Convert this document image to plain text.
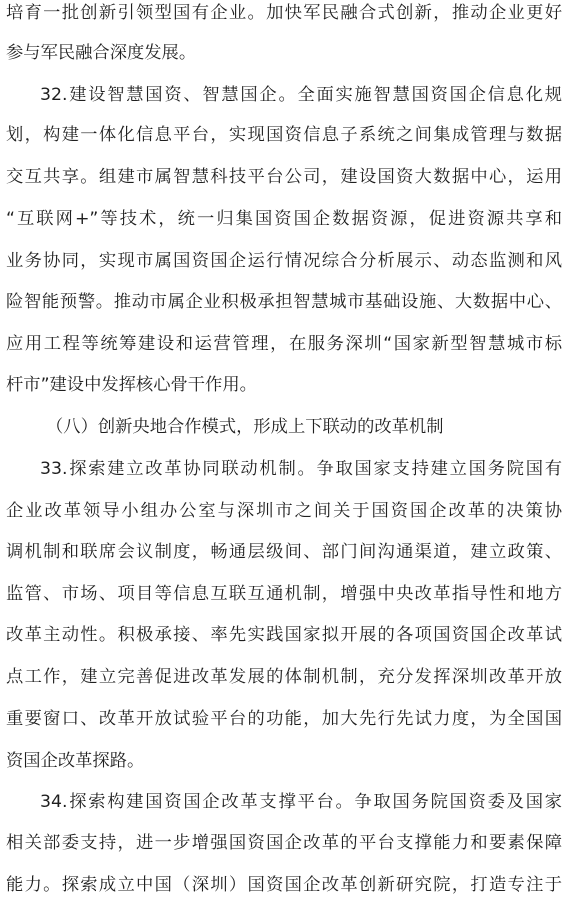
培育一批创新引领型国有企业。加快军民融合式创新，推动企业更好
参与军民融合深度发展。
32.建设智慧国资、智慧国企。全面实施智慧国资国企信息化规
划，构建一体化信息平台，实现国资信息子系统之间集成管理与数据
交互共享。组建市属智慧科技平台公司，建设国资大数据中心，运用
“互联网+”等技术，统一归集国资国企数据资源，促进资源共享和
业务协同，实现市属国资国企运行情况综合分析展示、动态监测和风
险智能预警。推动市属企业积极承担智慧城市基础设施、大数据中心、
应用工程等统筹建设和运营管理，在服务深圳“国家新型智慧城市标
杆市”建设中发挥核心骨干作用。
（八）创新央地合作模式，形成上下联动的改革机制
33.探索建立改革协同联动机制。争取国家支持建立国务院国有
企业改革领导小组办公室与深圳市之间关于国资国企改革的决策协
调机制和联席会议制度，畅通层级间、部门间沟通渠道，建立政策、
监管、市场、项目等信息互联互通机制，增强中央改革指导性和地方
改革主动性。积极承接、率先实践国家拟开展的各项国资国企改革试
点工作，建立完善促进改革发展的体制机制，充分发挥深圳改革开放
重要窗口、改革开放试验平台的功能，加大先行先试力度，为全国国
资国企改革探路。
34.探索构建国资国企改革支撑平台。争取国务院国资委及国家
相关部委支持，进一步增强国资国企改革的平台支撑能力和要素保障
能力。探索成立中国（深圳）国资国企改革创新研究院，打造专注于
